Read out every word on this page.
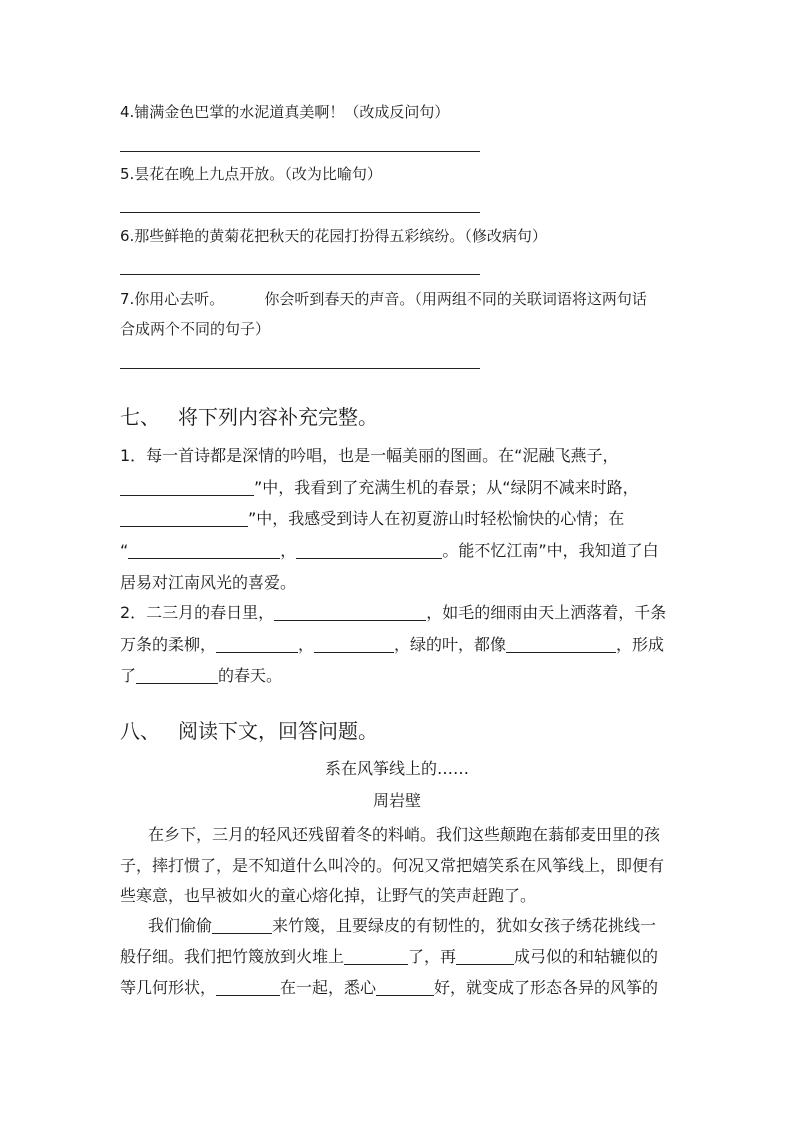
4.铺满金色巴掌的水泥道真美啊！（改成反问句）
5.昙花在晚上九点开放。（改为比喻句）
6.那些鲜艳的黄菊花把秋天的花园打扮得五彩缤纷。（修改病句）
7.你用心去听。	你会听到春天的声音。（用两组不同的关联词语将这两句话
合成两个不同的句子）
七、 将下列内容补充完整。
1．每一首诗都是深情的吟唱，也是一幅美丽的图画。在“泥融飞燕子，
”中，我看到了充满生机的春景；从“绿阴不减来时路，
”中，我感受到诗人在初夏游山时轻松愉快的心情；在
“	，	。能不忆江南”中，我知道了白
居易对江南风光的喜爱。
2．二三月的春日里，	，如毛的细雨由天上洒落着，千条
万条的柔柳，	，	，绿的叶，都像	，形成
了	的春天。
八、 阅读下文，回答问题。
系在风筝线上的……
周岩壁
在乡下，三月的轻风还残留着冬的料峭。我们这些颠跑在蓊郁麦田里的孩
子，摔打惯了，是不知道什么叫冷的。何况又常把嬉笑系在风筝线上，即便有
些寒意，也早被如火的童心熔化掉，让野气的笑声赶跑了。
我们偷偷	来竹篾，且要绿皮的有韧性的，犹如女孩子绣花挑线一
般仔细。我们把竹篾放到火堆上	了，再	成弓似的和轱辘似的
等几何形状，	在一起，悉心	好，就变成了形态各异的风筝的
